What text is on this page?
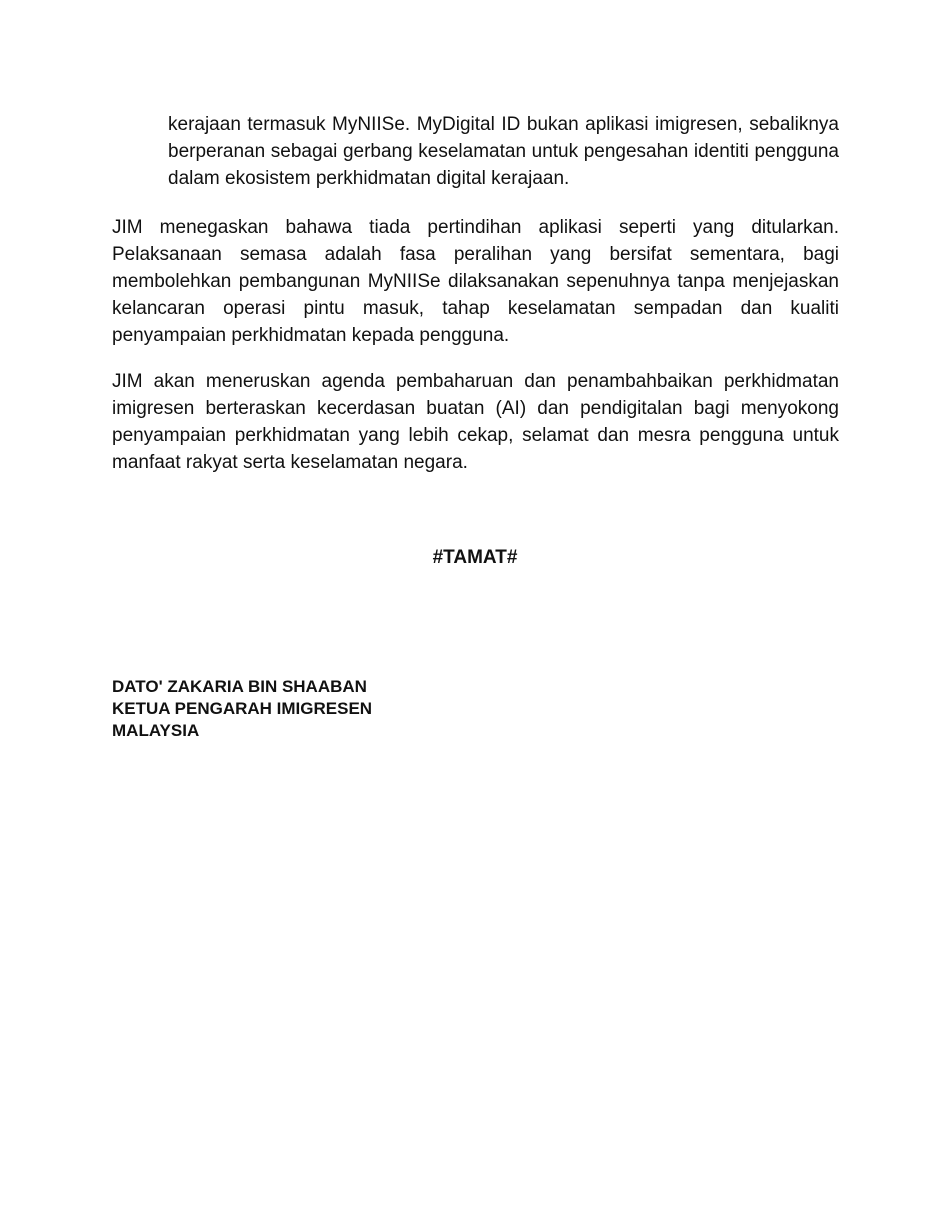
kerajaan termasuk MyNIISe. MyDigital ID bukan aplikasi imigresen, sebaliknya berperanan sebagai gerbang keselamatan untuk pengesahan identiti pengguna dalam ekosistem perkhidmatan digital kerajaan.

JIM menegaskan bahawa tiada pertindihan aplikasi seperti yang ditularkan. Pelaksanaan semasa adalah fasa peralihan yang bersifat sementara, bagi membolehkan pembangunan MyNIISe dilaksanakan sepenuhnya tanpa menjejaskan kelancaran operasi pintu masuk, tahap keselamatan sempadan dan kualiti penyampaian perkhidmatan kepada pengguna.

JIM akan meneruskan agenda pembaharuan dan penambahbaikan perkhidmatan imigresen berteraskan kecerdasan buatan (AI) dan pendigitalan bagi menyokong penyampaian perkhidmatan yang lebih cekap, selamat dan mesra pengguna untuk manfaat rakyat serta keselamatan negara.

#TAMAT#

DATO' ZAKARIA BIN SHAABAN
KETUA PENGARAH IMIGRESEN
MALAYSIA
